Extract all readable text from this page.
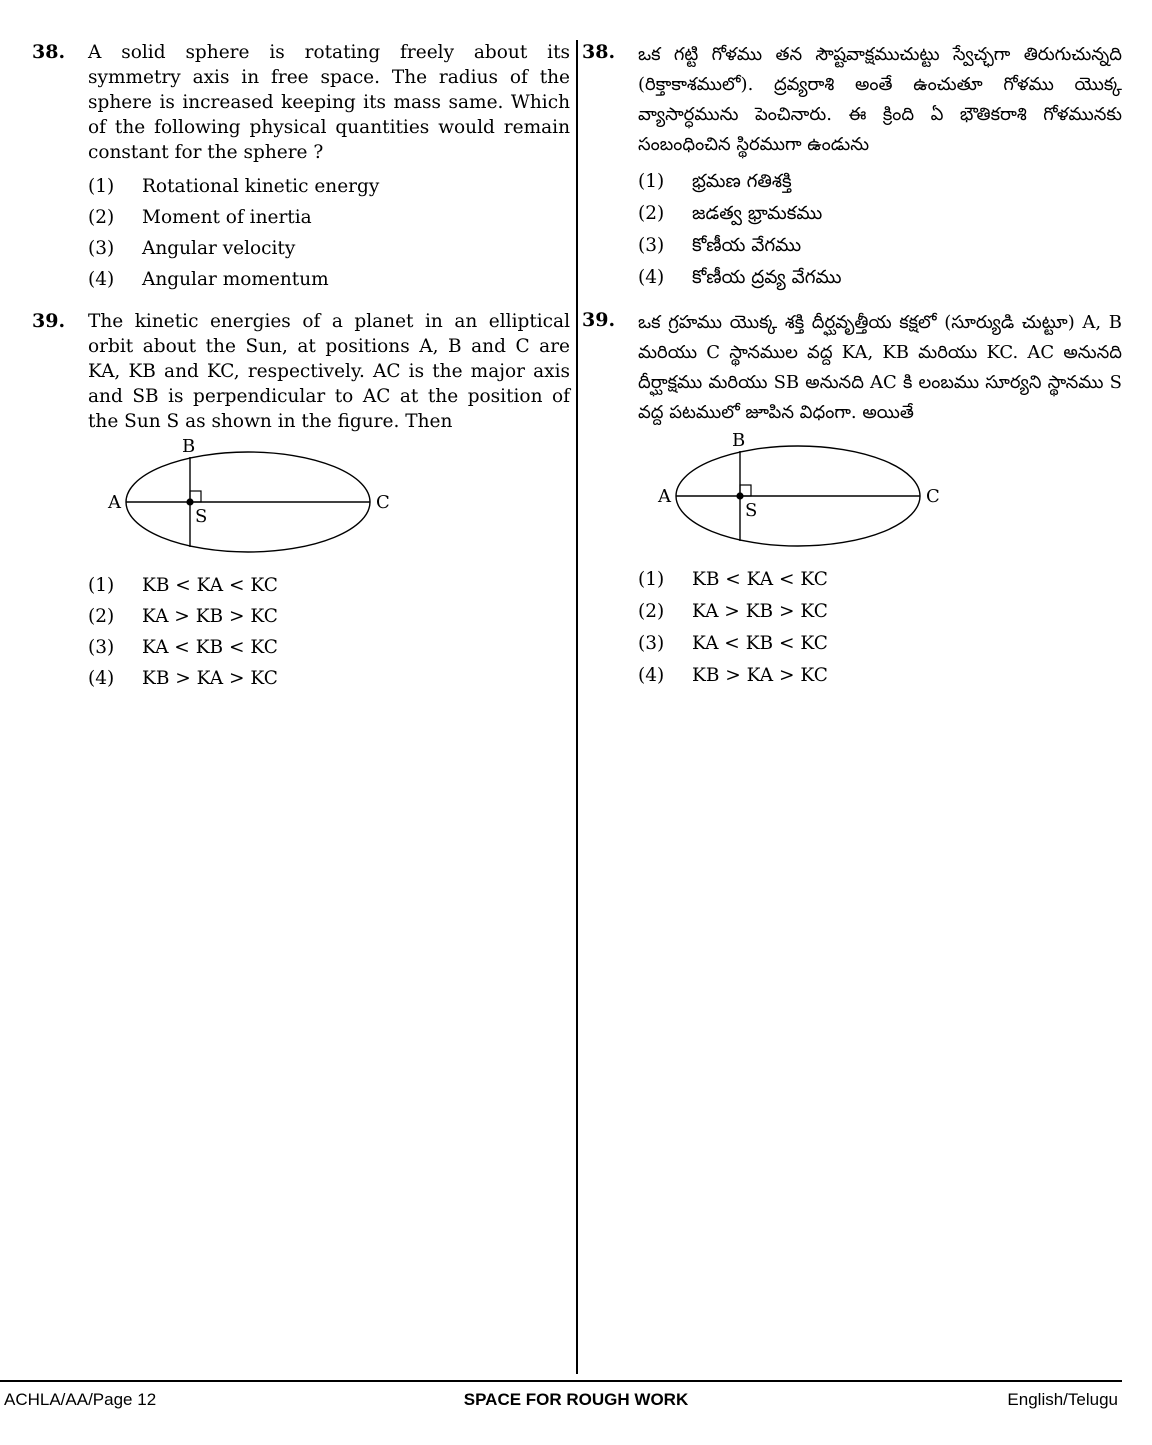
38. A solid sphere is rotating freely about its symmetry axis in free space. The radius of the sphere is increased keeping its mass same. Which of the following physical quantities would remain constant for the sphere ?
(1)	Rotational kinetic energy
(2)	Moment of inertia
(3)	Angular velocity
(4)	Angular momentum
39. The kinetic energies of a planet in an elliptical orbit about the Sun, at positions A, B and C are KA, KB and KC, respectively. AC is the major axis and SB is perpendicular to AC at the position of the Sun S as shown in the figure. Then
A
B
C
S
(1)	KB < KA < KC
(2)	KA > KB > KC
(3)	KA < KB < KC
(4)	KB > KA > KC
38. ఒక గట్టి గోళము తన సౌష్టవాక్షముచుట్టు స్వేచ్ఛగా తిరుగుచున్నది (రిక్తాకాశములో). ద్రవ్యరాశి అంతే ఉంచుతూ గోళము యొక్క వ్యాసార్ధమును పెంచినారు. ఈ క్రింది ఏ భౌతికరాశి గోళమునకు సంబంధించిన స్థిరముగా ఉండును
(1)	భ్రమణ గతిశక్తి
(2)	జడత్వ భ్రామకము
(3)	కోణీయ వేగము
(4)	కోణీయ ద్రవ్య వేగము
39. ఒక గ్రహము యొక్క శక్తి దీర్ఘవృత్తీయ కక్షలో (సూర్యుడి చుట్టూ) A, B మరియు C స్థానముల వద్ద KA, KB మరియు KC. AC అనునది దీర్ఘాక్షము మరియు SB అనునది AC కి లంబము సూర్యని స్థానము S వద్ద పటములో జూపిన విధంగా. అయితే
A
B
C
S
(1)	KB < KA < KC
(2)	KA > KB > KC
(3)	KA < KB < KC
(4)	KB > KA > KC
ACHLA/AA/Page 12	SPACE FOR ROUGH WORK	English/Telugu
